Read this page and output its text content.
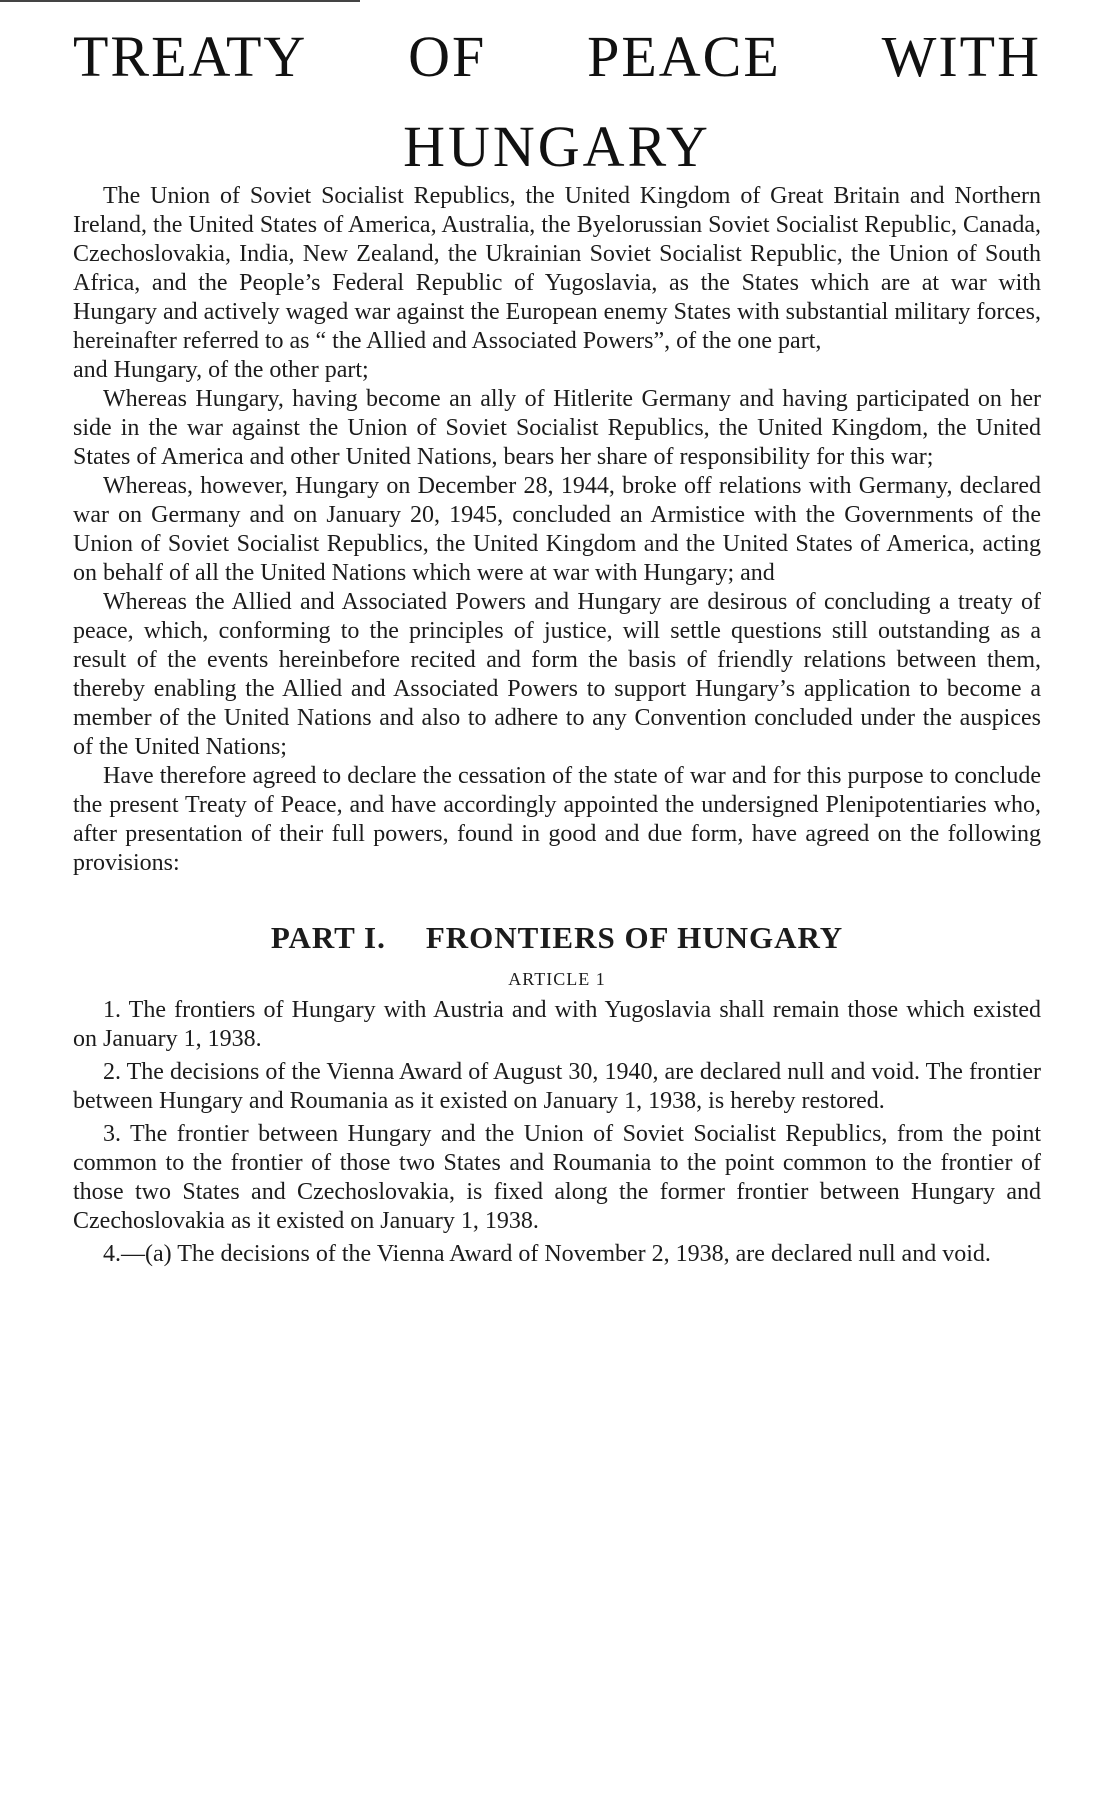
TREATY OF PEACE WITH
HUNGARY

The Union of Soviet Socialist Republics, the United Kingdom of Great Britain and Northern Ireland, the United States of America, Australia, the Byelorussian Soviet Socialist Republic, Canada, Czechoslovakia, India, New Zealand, the Ukrainian Soviet Socialist Republic, the Union of South Africa, and the People’s Federal Republic of Yugoslavia, as the States which are at war with Hungary and actively waged war against the European enemy States with substantial military forces, hereinafter referred to as “ the Allied and Associated Powers”, of the one part,

and Hungary, of the other part;

Whereas Hungary, having become an ally of Hitlerite Germany and having participated on her side in the war against the Union of Soviet Socialist Republics, the United Kingdom, the United States of America and other United Nations, bears her share of responsibility for this war;

Whereas, however, Hungary on December 28, 1944, broke off relations with Germany, declared war on Germany and on January 20, 1945, concluded an Armistice with the Governments of the Union of Soviet Socialist Republics, the United Kingdom and the United States of America, acting on behalf of all the United Nations which were at war with Hungary; and

Whereas the Allied and Associated Powers and Hungary are desirous of concluding a treaty of peace, which, conforming to the principles of justice, will settle questions still outstanding as a result of the events hereinbefore recited and form the basis of friendly relations between them, thereby enabling the Allied and Associated Powers to support Hungary’s application to become a member of the United Nations and also to adhere to any Convention concluded under the auspices of the United Nations;

Have therefore agreed to declare the cessation of the state of war and for this purpose to conclude the present Treaty of Peace, and have accordingly appointed the undersigned Plenipotentiaries who, after presentation of their full powers, found in good and due form, have agreed on the following provisions:

PART I. FRONTIERS OF HUNGARY
ARTICLE 1

1. The frontiers of Hungary with Austria and with Yugoslavia shall remain those which existed on January 1, 1938.

2. The decisions of the Vienna Award of August 30, 1940, are declared null and void. The frontier between Hungary and Roumania as it existed on January 1, 1938, is hereby restored.

3. The frontier between Hungary and the Union of Soviet Socialist Republics, from the point common to the frontier of those two States and Roumania to the point common to the frontier of those two States and Czechoslovakia, is fixed along the former frontier between Hungary and Czechoslovakia as it existed on January 1, 1938.

4.—(a) The decisions of the Vienna Award of November 2, 1938, are declared null and void.
